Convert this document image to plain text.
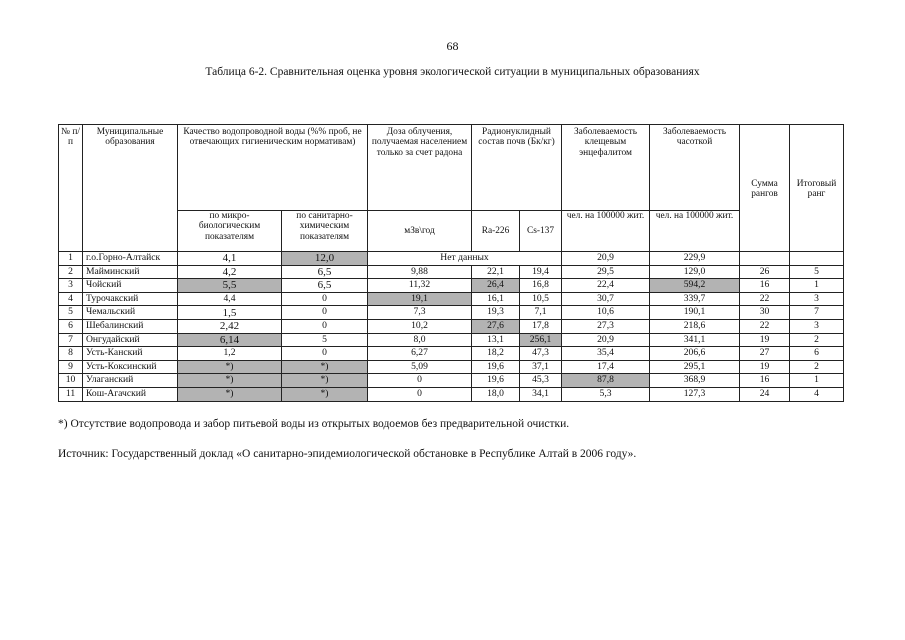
68
Таблица 6-2. Сравнительная оценка уровня экологической ситуации в муниципальных образованиях
№ п/п	Муниципальные образования	Качество водопроводной воды (%% проб, не отвечающих гигиеническим нормативам)		Доза облучения, получаемая населением только за счет радона	Радионуклидный состав почв (Бк/кг)		Заболеваемость клещевым энцефалитом	Заболеваемость часоткой	Сумма рангов	Итоговый ранг
		по микро-биологическим показателям	по санитарно-химическим показателям	мЗв\год	Ra-226	Cs-137	чел. на 100000 жит.	чел. на 100000 жит.		
1	г.о.Горно-Алтайск	4,1	12,0	Нет данных			20,9	229,9		
2	Майминский	4,2	6,5	9,88	22,1	19,4	29,5	129,0	26	5
3	Чойский	5,5	6,5	11,32	26,4	16,8	22,4	594,2	16	1
4	Турочакский	4,4	0	19,1	16,1	10,5	30,7	339,7	22	3
5	Чемальский	1,5	0	7,3	19,3	7,1	10,6	190,1	30	7
6	Шебалинский	2,42	0	10,2	27,6	17,8	27,3	218,6	22	3
7	Онгудайский	6,14	5	8,0	13,1	256,1	20,9	341,1	19	2
8	Усть-Канский	1,2	0	6,27	18,2	47,3	35,4	206,6	27	6
9	Усть-Коксинский	*)	*)	5,09	19,6	37,1	17,4	295,1	19	2
10	Улаганский	*)	*)	0	19,6	45,3	87,8	368,9	16	1
11	Кош-Агачский	*)	*)	0	18,0	34,1	5,3	127,3	24	4
*) Отсутствие водопровода и забор питьевой воды из открытых водоемов без предварительной очистки.
Источник: Государственный доклад «О санитарно-эпидемиологической обстановке в Республике Алтай в 2006 году».
